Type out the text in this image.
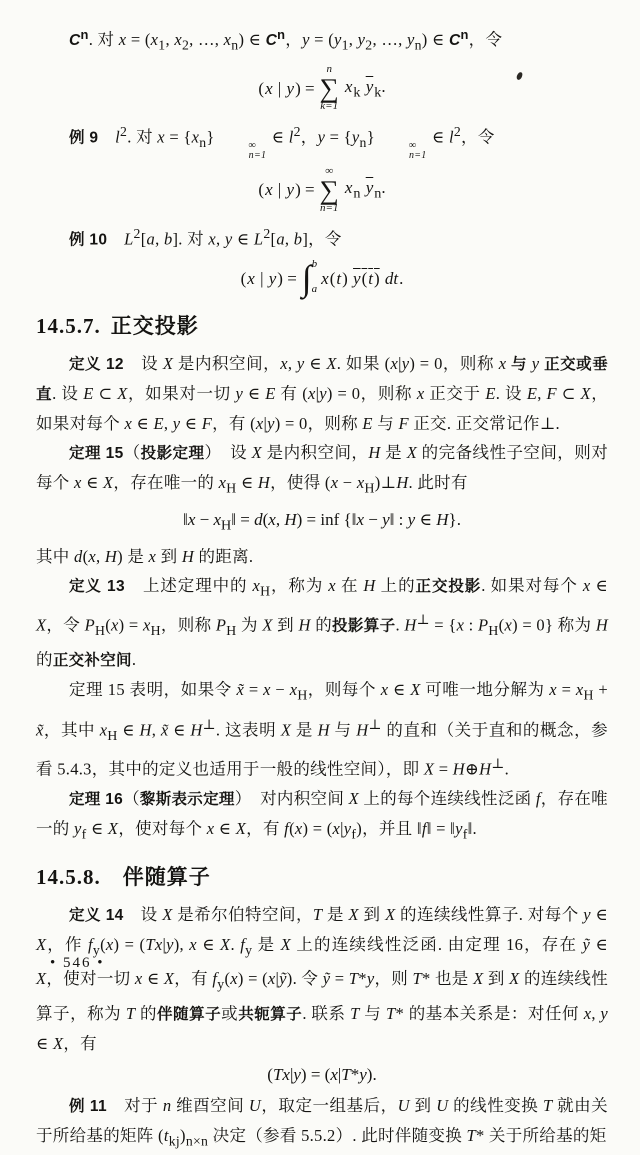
$C^n$. 对 $x = (x_1$, $x_2$, …, $x_n$) ∈ $C^n$，$y = (y_1$, $y_2$, …, $y_n$) ∈ $C^n$，令

(x | y) =
n
∑
k=1
$x_k$ $\overline{y}_k$.

例 9　 $l^2$. 对 $x = \{x_n\}$	∞
n=1
∈ $l^2$，$y = \{y_n\}$	∞
n=1
∈ $l^2$，令

(x | y) =
∞
∑
n=1
$x_n$ $\overline{y}_n$.

例 10　 $L^2[a$, b]. 对 x, y ∈ $L^2[a$, b]，令

(x | y) = ∫ b
a
x(t) y(t) dt.
14.5.7. 正交投影

定义 12　设 X 是内积空间，x, y ∈ X. 如果 (x|y) = 0，则称 x 与 y 正交或垂直. 设 E ⊂ X，如果对一切 y ∈ E 有 (x|y) = 0，则称 x 正交于 E. 设 E, F ⊂ X，如果对每个 x ∈ E, y ∈ F，有 (x|y) = 0，则称 E 与 F 正交. 正交常记作⊥.

定理 15（投影定理）　设 X 是内积空间，H 是 X 的完备线性子空间，则对每个 x ∈ X，存在唯一的 $x_H$ ∈ H，使得 $(x - x_H)\perp H$. 此时有

‖x − $x_H‖ = d(x$, H) = inf {‖x − y‖ : y ∈ H}.

其中 d(x, H) 是 x 到 H 的距离.

定义 13　上述定理中的 $x_H$，称为 x 在 H 上的正交投影. 如果对每个 x ∈ X，令 $P_H(x) = x_H$，则称 $P_H$ 为 X 到 H 的投影算子. H⊥ = {x : $P_H(x) = 0$} 称为 H 的正交补空间.

定理 15 表明，如果令 x̃ = $x - x_H$，则每个 x ∈ X 可唯一地分解为 $x = x_H$ + x̃，其中 $x_H$ ∈ H, x̃ ∈ H⊥. 这表明 X 是 H 与 H⊥ 的直和（关于直和的概念，参看 5.4.3，其中的定义也适用于一般的线性空间），即 X = H⊕H⊥.

定理 16（黎斯表示定理）　对内积空间 X 上的每个连续线性泛函 f，存在唯一的 $y_f$ ∈ X，使对每个 x ∈ X，有 $f(x) = (x|y_f)$，并且 ‖f‖ = $‖y_f‖$.

14.5.8. 伴随算子

定义 14　设 X 是希尔伯特空间，T 是 X 到 X 的连续线性算子. 对每个 y ∈ X，作 $f_y(x) = (Tx|y)$, x ∈ X. $f_y$ 是 X 上的连续线性泛函. 由定理 16，存在 ỹ ∈ X，使对一切 x ∈ X，有 $f_y(x)$ = (x|ỹ). 令 ỹ = T*y，则 T* 也是 X 到 X 的连续线性算子，称为 T 的伴随算子或共轭算子. 联系 T 与 T* 的基本关系是：对任何 x, y ∈ X，有

(Tx|y) = (x|T*y).

例 11　对于 n 维酉空间 U，取定一组基后，U 到 U 的线性变换 T 就由关于所给基的矩阵 $(t_{kj})_{n\times n}$ 决定（参看 5.5.2）. 此时伴随变换 T* 关于所给基的矩

• 546 •
